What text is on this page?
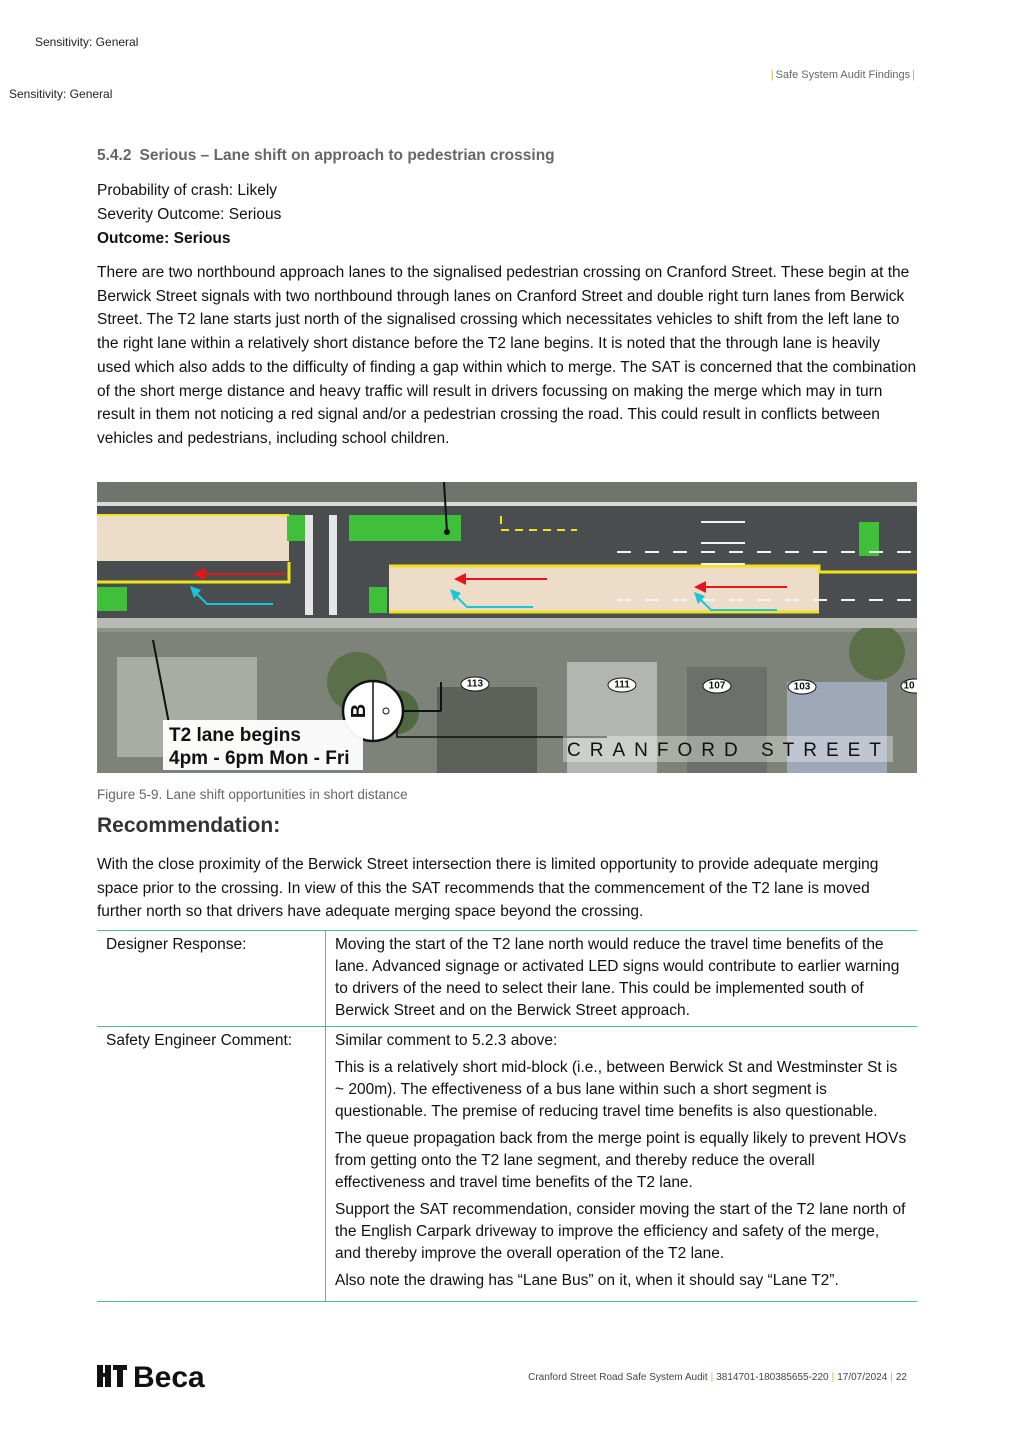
Sensitivity: General
Sensitivity: General
| Safe System Audit Findings |
5.4.2 Serious – Lane shift on approach to pedestrian crossing
Probability of crash: Likely
Severity Outcome: Serious
Outcome: Serious

There are two northbound approach lanes to the signalised pedestrian crossing on Cranford Street. These begin at the Berwick Street signals with two northbound through lanes on Cranford Street and double right turn lanes from Berwick Street. The T2 lane starts just north of the signalised crossing which necessitates vehicles to shift from the left lane to the right lane within a relatively short distance before the T2 lane begins. It is noted that the through lane is heavily used which also adds to the difficulty of finding a gap within which to merge. The SAT is concerned that the combination of the short merge distance and heavy traffic will result in drivers focussing on making the merge which may in turn result in them not noticing a red signal and/or a pedestrian crossing the road. This could result in conflicts between vehicles and pedestrians, including school children.

B
113	111	107	103	10
T2 lane begins
4pm - 6pm Mon - Fri	CRANFORD STREET
Figure 5-9. Lane shift opportunities in short distance
Recommendation:

With the close proximity of the Berwick Street intersection there is limited opportunity to provide adequate merging space prior to the crossing. In view of this the SAT recommends that the commencement of the T2 lane is moved further north so that drivers have adequate merging space beyond the crossing.

Designer Response:	Moving the start of the T2 lane north would reduce the travel time benefits of the lane. Advanced signage or activated LED signs would contribute to earlier warning to drivers of the need to select their lane. This could be implemented south of Berwick Street and on the Berwick Street approach.
Safety Engineer Comment:	Similar comment to 5.2.3 above:

This is a relatively short mid-block (i.e., between Berwick St and Westminster St is ~ 200m). The effectiveness of a bus lane within such a short segment is questionable. The premise of reducing travel time benefits is also questionable.

The queue propagation back from the merge point is equally likely to prevent HOVs from getting onto the T2 lane segment, and thereby reduce the overall effectiveness and travel time benefits of the T2 lane.

Support the SAT recommendation, consider moving the start of the T2 lane north of the English Carpark driveway to improve the efficiency and safety of the merge, and thereby improve the overall operation of the T2 lane.

Also note the drawing has “Lane Bus” on it, when it should say “Lane T2”.

Beca	Cranford Street Road Safe System Audit | 3814701-180385655-220 | 17/07/2024 | 22
